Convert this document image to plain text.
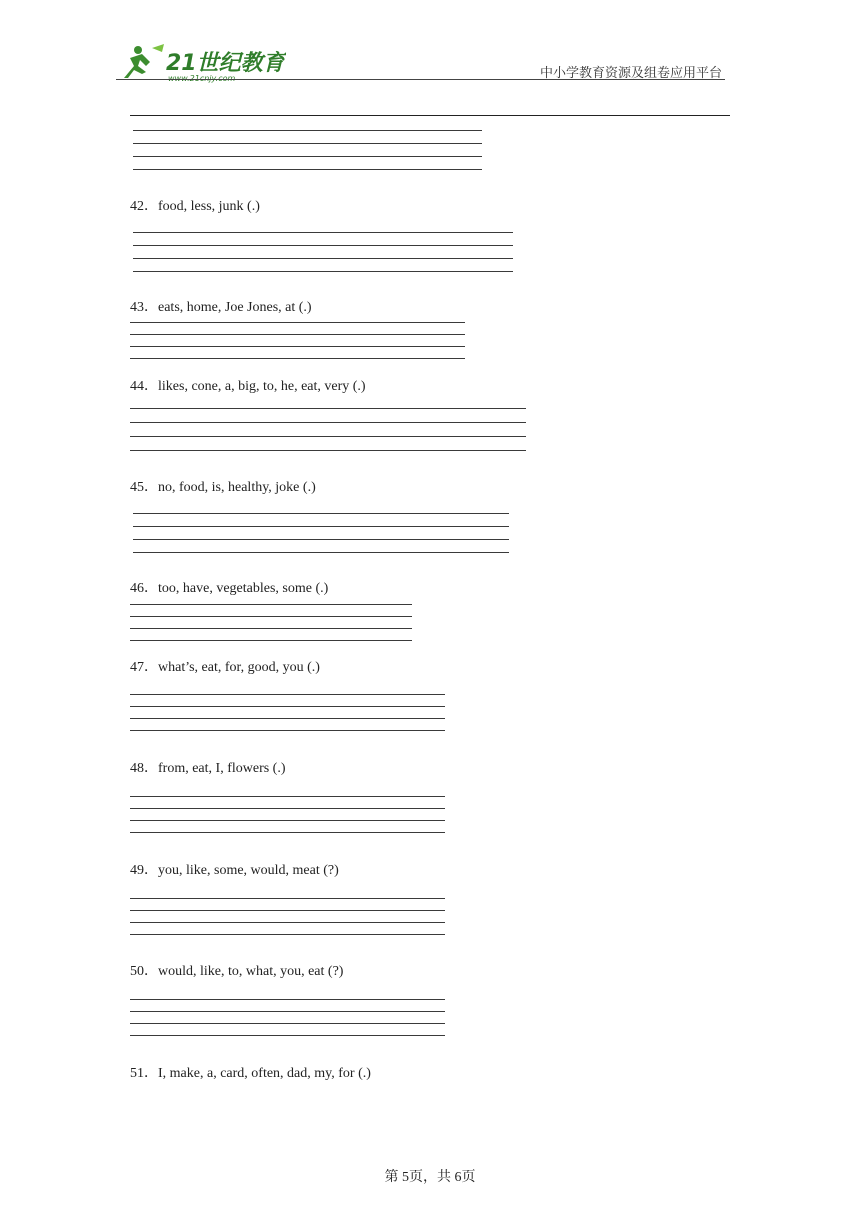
21世纪教育
www.21cnjy.com	中小学教育资源及组卷应用平台
42．food, less, junk (.)
43．eats, home, Joe Jones, at (.)
44．likes, cone, a, big, to, he, eat, very (.)
45．no, food, is, healthy, joke (.)
46．too, have, vegetables, some (.)
47．what’s, eat, for, good, you (.)
48．from, eat, I, flowers (.)
49．you, like, some, would, meat (?)
50．would, like, to, what, you, eat (?)
51．I, make, a, card, often, dad, my, for (.)
第 5页，共 6页
